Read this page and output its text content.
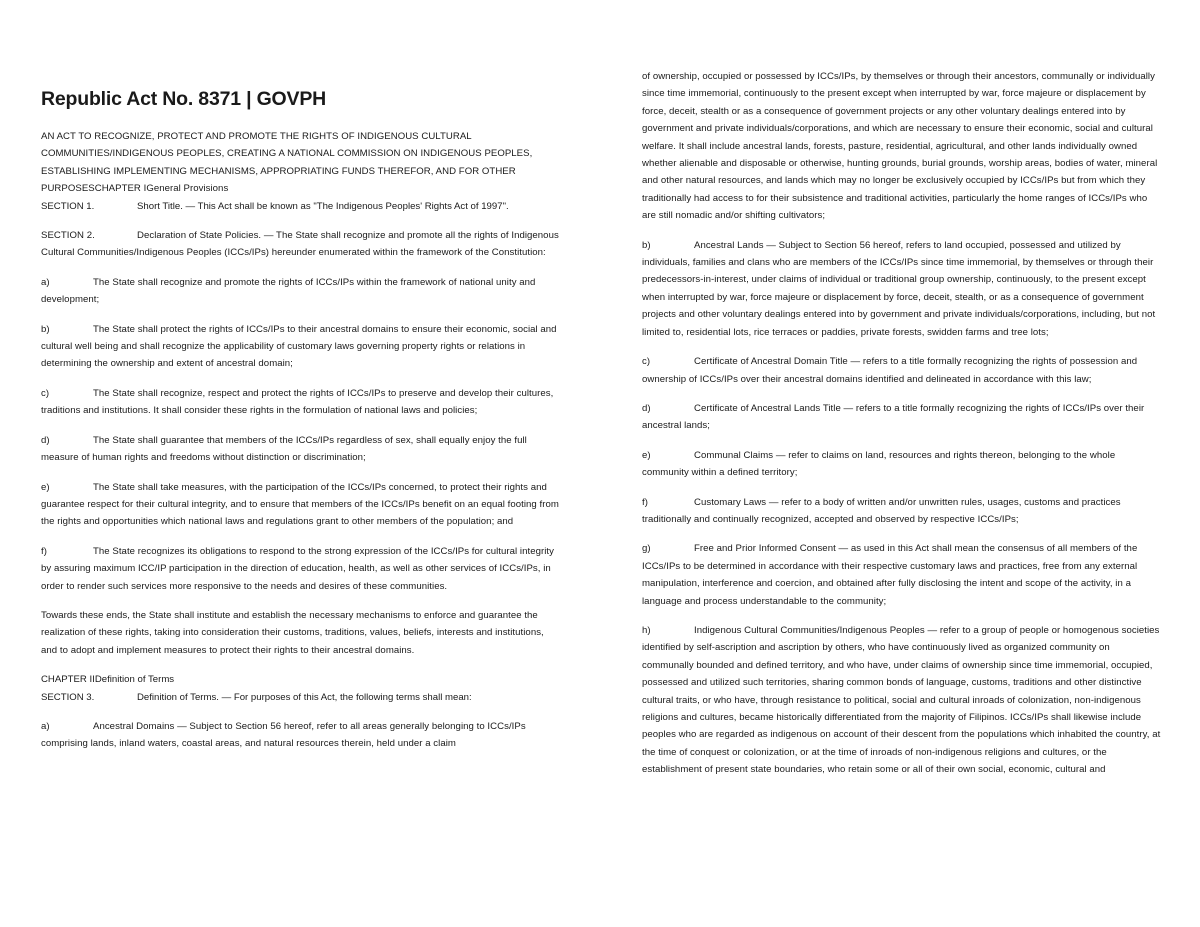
Republic Act No. 8371 | GOVPH

AN ACT TO RECOGNIZE, PROTECT AND PROMOTE THE RIGHTS OF INDIGENOUS CULTURAL COMMUNITIES/INDIGENOUS PEOPLES, CREATING A NATIONAL COMMISSION ON INDIGENOUS PEOPLES, ESTABLISHING IMPLEMENTING MECHANISMS, APPROPRIATING FUNDS THEREFOR, AND FOR OTHER PURPOSESCHAPTER IGeneral Provisions

SECTION 1.	Short Title. — This Act shall be known as "The Indigenous Peoples' Rights Act of 1997".

SECTION 2.	Declaration of State Policies. — The State shall recognize and promote all the rights of Indigenous Cultural Communities/Indigenous Peoples (ICCs/IPs) hereunder enumerated within the framework of the Constitution:

a)	The State shall recognize and promote the rights of ICCs/IPs within the framework of national unity and development;

b)	The State shall protect the rights of ICCs/IPs to their ancestral domains to ensure their economic, social and cultural well being and shall recognize the applicability of customary laws governing property rights or relations in determining the ownership and extent of ancestral domain;

c)	The State shall recognize, respect and protect the rights of ICCs/IPs to preserve and develop their cultures, traditions and institutions. It shall consider these rights in the formulation of national laws and policies;

d)	The State shall guarantee that members of the ICCs/IPs regardless of sex, shall equally enjoy the full measure of human rights and freedoms without distinction or discrimination;

e)	The State shall take measures, with the participation of the ICCs/IPs concerned, to protect their rights and guarantee respect for their cultural integrity, and to ensure that members of the ICCs/IPs benefit on an equal footing from the rights and opportunities which national laws and regulations grant to other members of the population; and

f)	The State recognizes its obligations to respond to the strong expression of the ICCs/IPs for cultural integrity by assuring maximum ICC/IP participation in the direction of education, health, as well as other services of ICCs/IPs, in order to render such services more responsive to the needs and desires of these communities.

Towards these ends, the State shall institute and establish the necessary mechanisms to enforce and guarantee the realization of these rights, taking into consideration their customs, traditions, values, beliefs, interests and institutions, and to adopt and implement measures to protect their rights to their ancestral domains.

CHAPTER IIDefinition of Terms
SECTION 3.	Definition of Terms. — For purposes of this Act, the following terms shall mean:

a)	Ancestral Domains — Subject to Section 56 hereof, refer to all areas generally belonging to ICCs/IPs comprising lands, inland waters, coastal areas, and natural resources therein, held under a claim

of ownership, occupied or possessed by ICCs/IPs, by themselves or through their ancestors, communally or individually since time immemorial, continuously to the present except when interrupted by war, force majeure or displacement by force, deceit, stealth or as a consequence of government projects or any other voluntary dealings entered into by government and private individuals/corporations, and which are necessary to ensure their economic, social and cultural welfare. It shall include ancestral lands, forests, pasture, residential, agricultural, and other lands individually owned whether alienable and disposable or otherwise, hunting grounds, burial grounds, worship areas, bodies of water, mineral and other natural resources, and lands which may no longer be exclusively occupied by ICCs/IPs but from which they traditionally had access to for their subsistence and traditional activities, particularly the home ranges of ICCs/IPs who are still nomadic and/or shifting cultivators;

b)	Ancestral Lands — Subject to Section 56 hereof, refers to land occupied, possessed and utilized by individuals, families and clans who are members of the ICCs/IPs since time immemorial, by themselves or through their predecessors-in-interest, under claims of individual or traditional group ownership, continuously, to the present except when interrupted by war, force majeure or displacement by force, deceit, stealth, or as a consequence of government projects and other voluntary dealings entered into by government and private individuals/corporations, including, but not limited to, residential lots, rice terraces or paddies, private forests, swidden farms and tree lots;

c)	Certificate of Ancestral Domain Title — refers to a title formally recognizing the rights of possession and ownership of ICCs/IPs over their ancestral domains identified and delineated in accordance with this law;

d)	Certificate of Ancestral Lands Title — refers to a title formally recognizing the rights of ICCs/IPs over their ancestral lands;

e)	Communal Claims — refer to claims on land, resources and rights thereon, belonging to the whole community within a defined territory;

f)	Customary Laws — refer to a body of written and/or unwritten rules, usages, customs and practices traditionally and continually recognized, accepted and observed by respective ICCs/IPs;

g)	Free and Prior Informed Consent — as used in this Act shall mean the consensus of all members of the ICCs/IPs to be determined in accordance with their respective customary laws and practices, free from any external manipulation, interference and coercion, and obtained after fully disclosing the intent and scope of the activity, in a language and process understandable to the community;

h)	Indigenous Cultural Communities/Indigenous Peoples — refer to a group of people or homogenous societies identified by self-ascription and ascription by others, who have continuously lived as organized community on communally bounded and defined territory, and who have, under claims of ownership since time immemorial, occupied, possessed and utilized such territories, sharing common bonds of language, customs, traditions and other distinctive cultural traits, or who have, through resistance to political, social and cultural inroads of colonization, non-indigenous religions and cultures, became historically differentiated from the majority of Filipinos. ICCs/IPs shall likewise include peoples who are regarded as indigenous on account of their descent from the populations which inhabited the country, at the time of conquest or colonization, or at the time of inroads of non-indigenous religions and cultures, or the establishment of present state boundaries, who retain some or all of their own social, economic, cultural and
